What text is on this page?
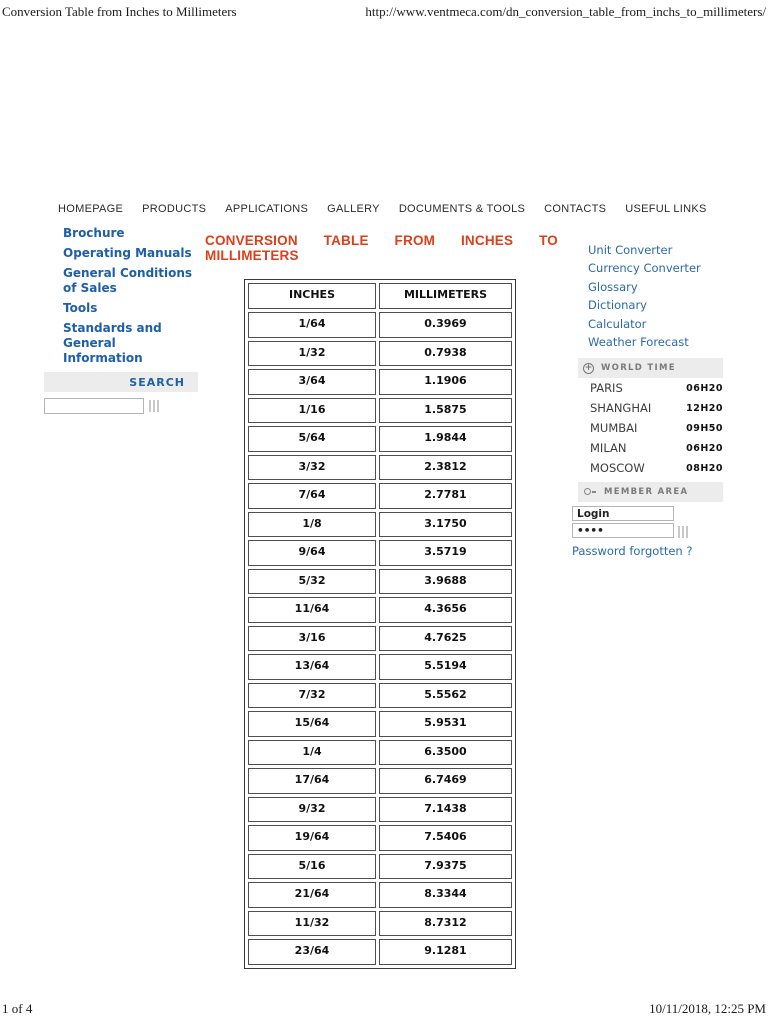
Conversion Table from Inches to Millimeters	http://www.ventmeca.com/dn_conversion_table_from_inchs_to_millimeters/
HOMEPAGE PRODUCTS APPLICATIONS GALLERY DOCUMENTS & TOOLS CONTACTS USEFUL LINKS
Brochure
Operating Manuals
General Conditions of Sales
Tools
Standards and General Information
SEARCH
CONVERSION TABLE FROM INCHES TO MILLIMETERS
INCHES	MILLIMETERS
1/64	0.3969
1/32	0.7938
3/64	1.1906
1/16	1.5875
5/64	1.9844
3/32	2.3812
7/64	2.7781
1/8	3.1750
9/64	3.5719
5/32	3.9688
11/64	4.3656
3/16	4.7625
13/64	5.5194
7/32	5.5562
15/64	5.9531
1/4	6.3500
17/64	6.7469
9/32	7.1438
19/64	7.5406
5/16	7.9375
21/64	8.3344
11/32	8.7312
23/64	9.1281
Unit Converter
Currency Converter
Glossary
Dictionary
Calculator
Weather Forecast
+
WORLD TIME
PARIS	06H20
SHANGHAI	12H20
MUMBAI	09H50
MILAN	06H20
MOSCOW	08H20
MEMBER AREA
Login
••••
Password forgotten ?
1 of 4	10/11/2018, 12:25 PM
